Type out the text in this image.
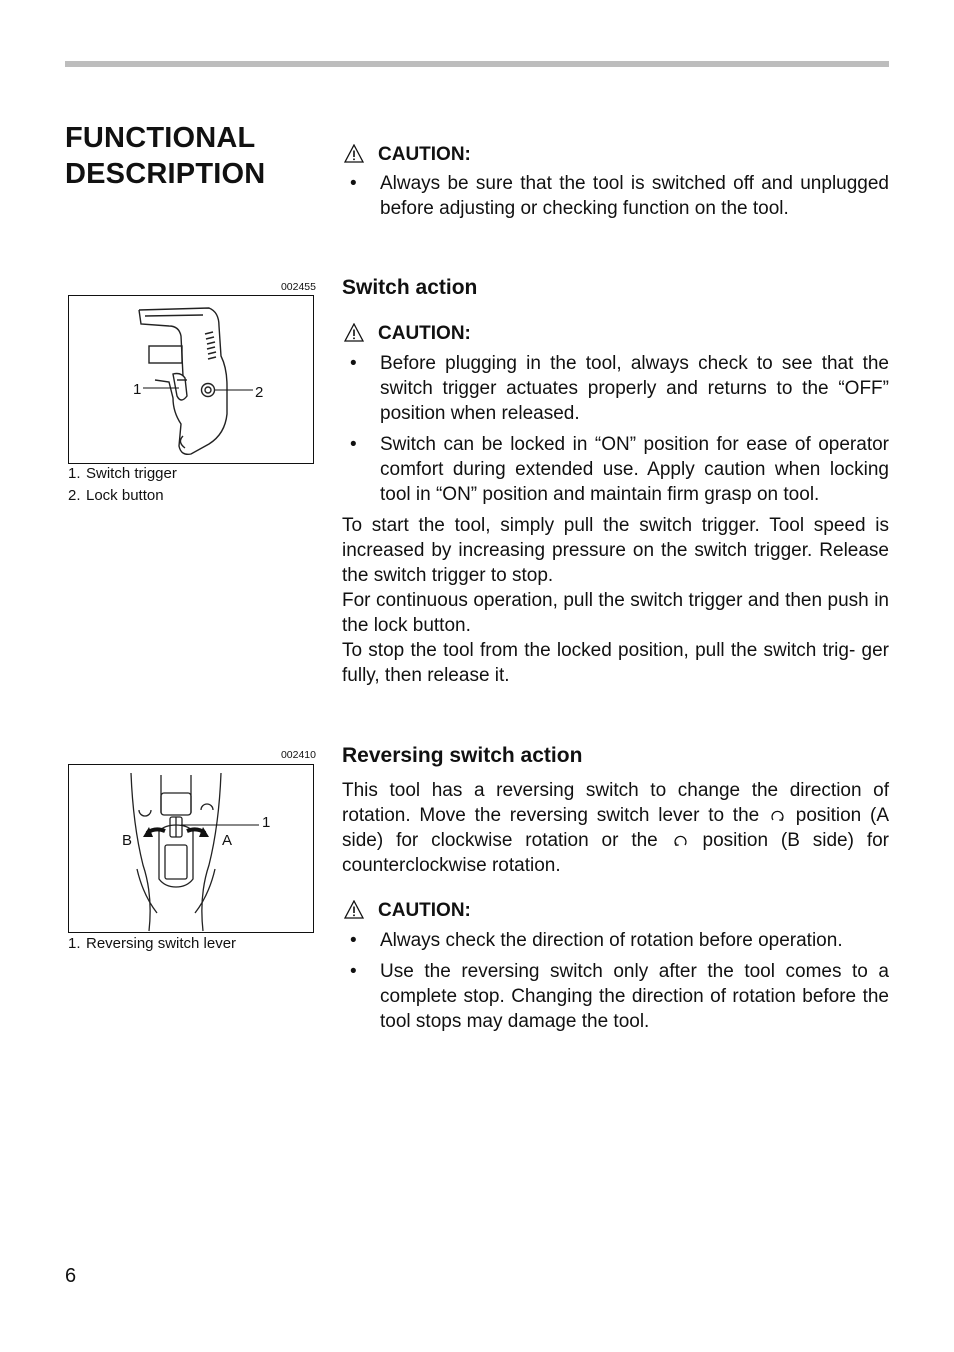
FUNCTIONAL
DESCRIPTION
CAUTION:
• Always be sure that the tool is switched off and unplugged before adjusting or checking function on the tool.
Switch action
CAUTION:
• Before plugging in the tool, always check to see that the switch trigger actuates properly and returns to the “OFF” position when released.
• Switch can be locked in “ON” position for ease of operator comfort during extended use. Apply caution when locking tool in “ON” position and maintain firm grasp on tool.

To start the tool, simply pull the switch trigger. Tool speed is increased by increasing pressure on the switch trigger. Release the switch trigger to stop.

For continuous operation, pull the switch trigger and then push in the lock button.

To stop the tool from the locked position, pull the switch trig- ger fully, then release it.

Reversing switch action

This tool has a reversing switch to change the direction of rotation. Move the reversing switch lever to the position (A side) for clockwise rotation or the position (B side) for counterclockwise rotation.

CAUTION:
• Always check the direction of rotation before operation.
• Use the reversing switch only after the tool comes to a complete stop. Changing the direction of rotation before the tool stops may damage the tool.
002455
1	2
1. Switch trigger
2. Lock button
002410
1
B	A
1. Reversing switch lever
6
